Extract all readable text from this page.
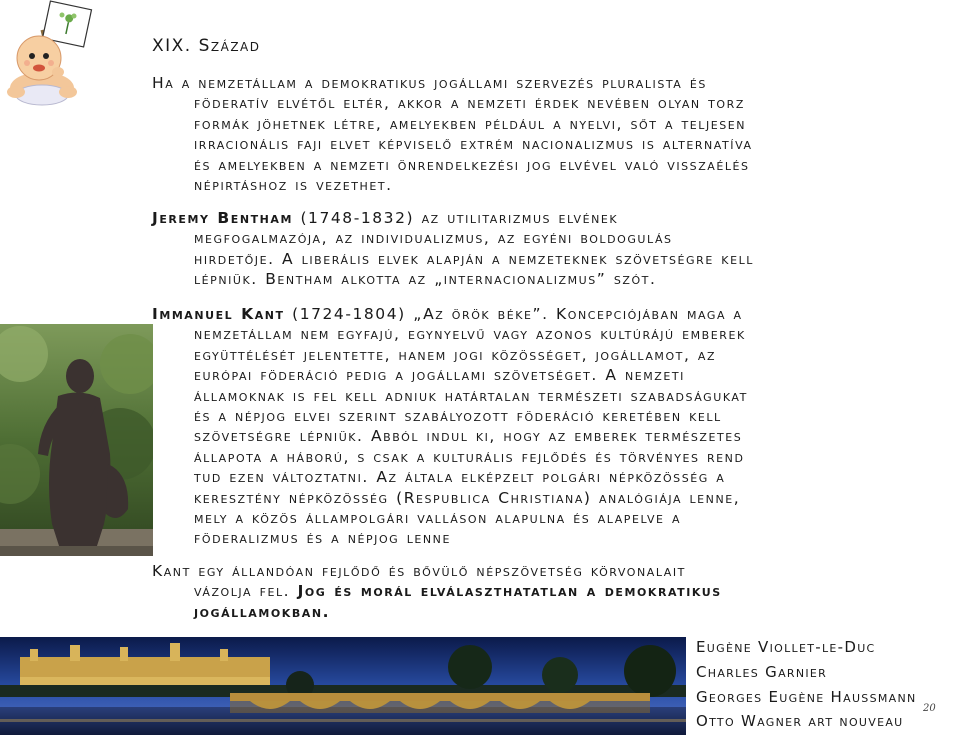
XIX. Század
Ha a nemzetállam a demokratikus jogállami szervezés pluralista és
föderatív elvétől eltér, akkor a nemzeti érdek nevében olyan torz
formák jöhetnek létre, amelyekben például a nyelvi, sőt a teljesen
irracionális faji elvet képviselő extrém nacionalizmus is alternatíva
és amelyekben a nemzeti önrendelkezési jog elvével való visszaélés
népirtáshoz is vezethet.
Jeremy Bentham (1748-1832) az utilitarizmus elvének
megfogalmazója, az individualizmus, az egyéni boldogulás
hirdetője. A liberális elvek alapján a nemzeteknek szövetségre kell
lépniük. Bentham alkotta az „internacionalizmus” szót.
Immanuel Kant (1724-1804) „Az örök béke”. Koncepciójában maga a
nemzetállam nem egyfajú, egynyelvű vagy azonos kultúrájú emberek
együttélését jelentette, hanem jogi közösséget, jogállamot, az
európai föderáció pedig a jogállami szövetséget. A nemzeti
államoknak is fel kell adniuk határtalan természeti szabadságukat
és a népjog elvei szerint szabályozott föderáció keretében kell
szövetségre lépniük. Abból indul ki, hogy az emberek természetes
állapota a háború, s csak a kulturális fejlődés és törvényes rend
tud ezen változtatni. Az általa elképzelt polgári népközösség a
keresztény népközösség (Respublica Christiana) analógiája lenne,
mely a közös állampolgári valláson alapulna és alapelve a
föderalizmus és a népjog lenne
Kant egy állandóan fejlődő és bővülő népszövetség körvonalait
vázolja fel. Jog és morál elválaszthatatlan a demokratikus
jogállamokban.
Eugène Viollet-le-Duc
Charles Garnier
Georges Eugène Haussmann
Otto Wagner art nouveau
20
